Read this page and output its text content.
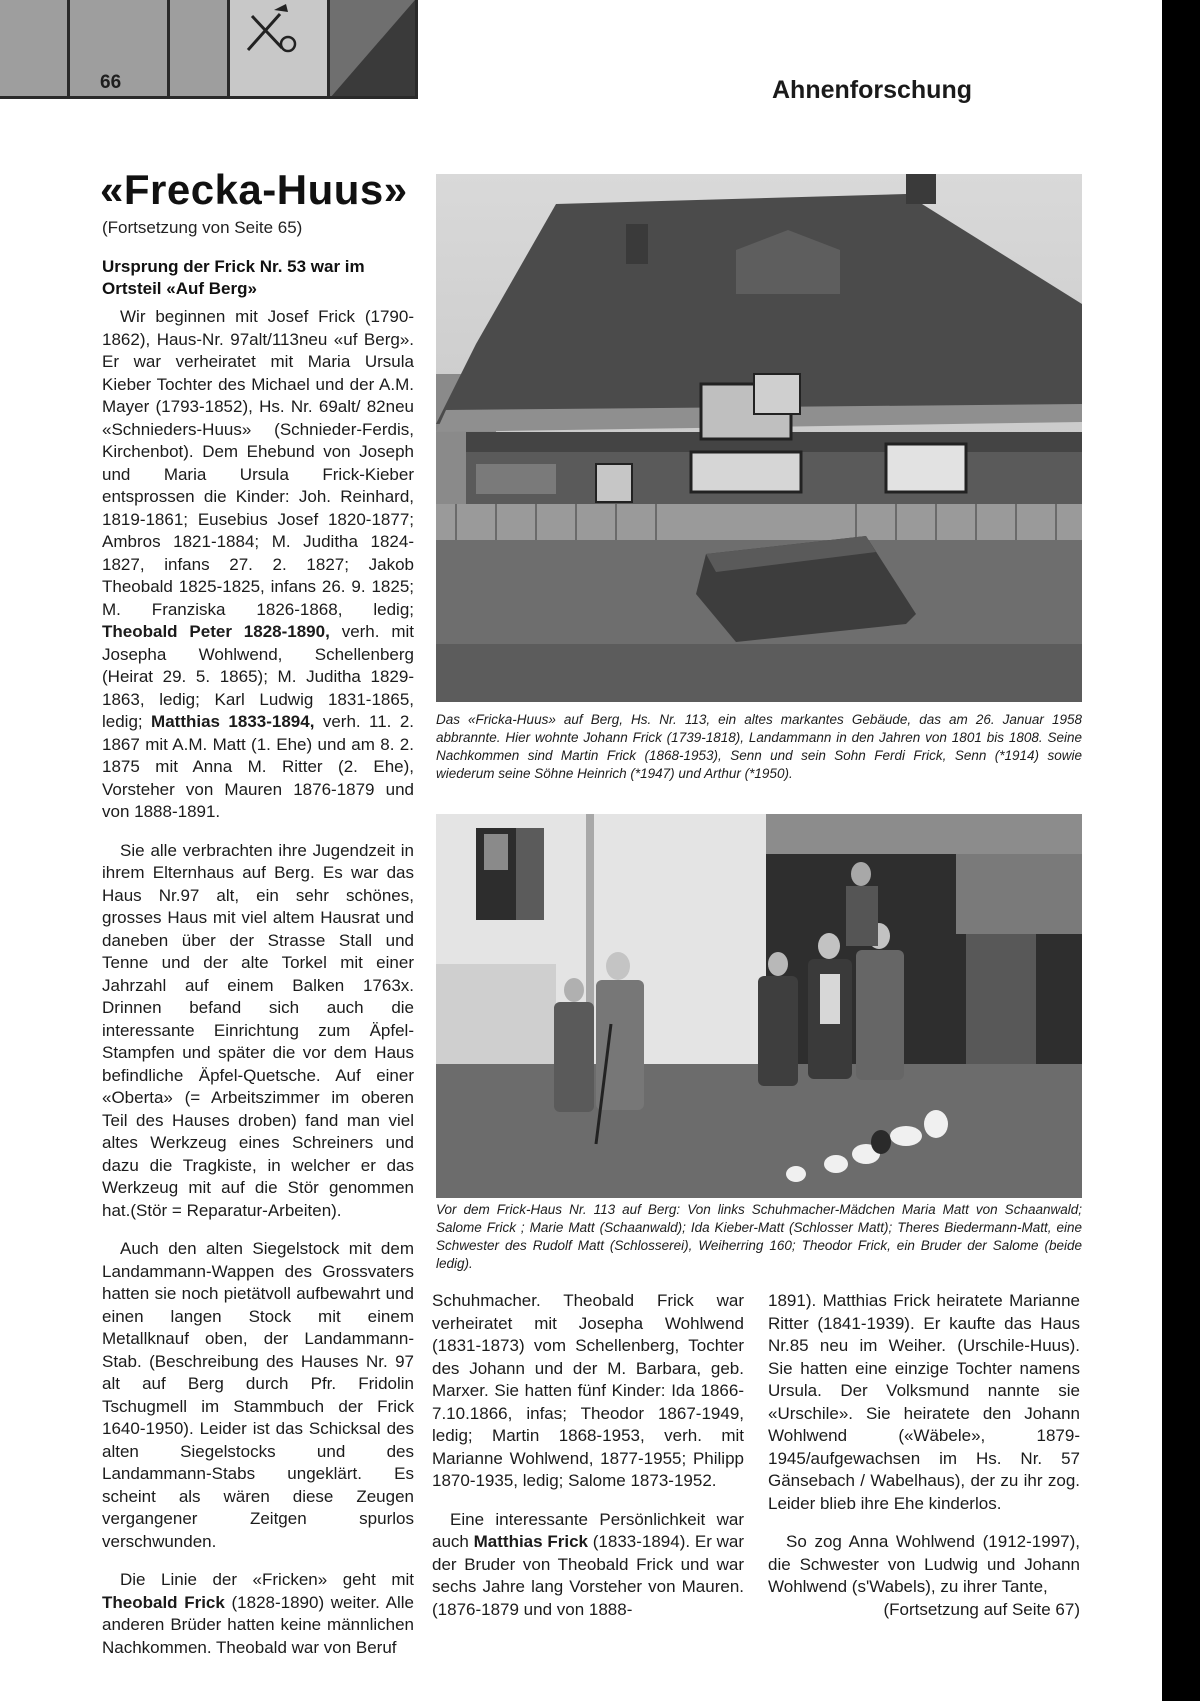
66	Ahnenforschung
«Frecka-Huus»
(Fortsetzung von Seite 65)
Ursprung der Frick Nr. 53 war im Ortsteil «Auf Berg»

Wir beginnen mit Josef Frick (1790-1862), Haus-Nr. 97alt/113neu «uf Berg». Er war verheiratet mit Maria Ursula Kieber Tochter des Michael und der A.M. Mayer (1793-1852), Hs. Nr. 69alt/ 82neu «Schnieders-Huus» (Schnieder-Ferdis, Kirchenbot). Dem Ehebund von Joseph und Maria Ursula Frick-Kieber entsprossen die Kinder: Joh. Reinhard, 1819-1861; Eusebius Josef 1820-1877; Ambros 1821-1884; M. Juditha 1824-1827, infans 27. 2. 1827; Jakob Theobald 1825-1825, infans 26. 9. 1825; M. Franziska 1826-1868, ledig; Theobald Peter 1828-1890, verh. mit Josepha Wohlwend, Schellenberg (Heirat 29. 5. 1865); M. Juditha 1829-1863, ledig; Karl Ludwig 1831-1865, ledig; Matthias 1833-1894, verh. 11. 2. 1867 mit A.M. Matt (1. Ehe) und am 8. 2. 1875 mit Anna M. Ritter (2. Ehe), Vorsteher von Mauren 1876-1879 und von 1888-1891.

Sie alle verbrachten ihre Jugendzeit in ihrem Elternhaus auf Berg. Es war das Haus Nr.97 alt, ein sehr schönes, grosses Haus mit viel altem Hausrat und daneben über der Strasse Stall und Tenne und der alte Torkel mit einer Jahrzahl auf einem Balken 1763x. Drinnen befand sich auch die interessante Einrichtung zum Äpfel-Stampfen und später die vor dem Haus befindliche Äpfel-Quetsche. Auf einer «Oberta» (= Arbeitszimmer im oberen Teil des Hauses droben) fand man viel altes Werkzeug eines Schreiners und dazu die Tragkiste, in welcher er das Werkzeug mit auf die Stör genommen hat.(Stör = Reparatur-Arbeiten).

Auch den alten Siegelstock mit dem Landammann-Wappen des Grossvaters hatten sie noch pietätvoll aufbewahrt und einen langen Stock mit einem Metallknauf oben, der Landammann-Stab. (Beschreibung des Hauses Nr. 97 alt auf Berg durch Pfr. Fridolin Tschugmell im Stammbuch der Frick 1640-1950). Leider ist das Schicksal des alten Siegelstocks und des Landammann-Stabs ungeklärt. Es scheint als wären diese Zeugen vergangener Zeitgen spurlos verschwunden.

Die Linie der «Fricken» geht mit Theobald Frick (1828-1890) weiter. Alle anderen Brüder hatten keine männlichen Nachkommen. Theobald war von Beruf

Das «Fricka-Huus» auf Berg, Hs. Nr. 113, ein altes markantes Gebäude, das am 26. Januar 1958 abbrannte. Hier wohnte Johann Frick (1739-1818), Landammann in den Jahren von 1801 bis 1808. Seine Nachkommen sind Martin Frick (1868-1953), Senn und sein Sohn Ferdi Frick, Senn (*1914) sowie wiederum seine Söhne Heinrich (*1947) und Arthur (*1950).
Vor dem Frick-Haus Nr. 113 auf Berg: Von links Schuhmacher-Mädchen Maria Matt von Schaanwald; Salome Frick ; Marie Matt (Schaanwald); Ida Kieber-Matt (Schlosser Matt); Theres Biedermann-Matt, eine Schwester des Rudolf Matt (Schlosserei), Weiherring 160; Theodor Frick, ein Bruder der Salome (beide ledig).

Schuhmacher. Theobald Frick war verheiratet mit Josepha Wohlwend (1831-1873) vom Schellenberg, Tochter des Johann und der M. Barbara, geb. Marxer. Sie hatten fünf Kinder: Ida 1866-7.10.1866, infas; Theodor 1867-1949, ledig; Martin 1868-1953, verh. mit Marianne Wohlwend, 1877-1955; Philipp 1870-1935, ledig; Salome 1873-1952.

Eine interessante Persönlichkeit war auch Matthias Frick (1833-1894). Er war der Bruder von Theobald Frick und war sechs Jahre lang Vorsteher von Mauren. (1876-1879 und von 1888-

1891). Matthias Frick heiratete Marianne Ritter (1841-1939). Er kaufte das Haus Nr.85 neu im Weiher. (Urschile-Huus). Sie hatten eine einzige Tochter namens Ursula. Der Volksmund nannte sie «Urschile». Sie heiratete den Johann Wohlwend («Wäbele», 1879-1945/aufgewachsen im Hs. Nr. 57 Gänsebach / Wabelhaus), der zu ihr zog. Leider blieb ihre Ehe kinderlos.

So zog Anna Wohlwend (1912-1997), die Schwester von Ludwig und Johann Wohlwend (s'Wabels), zu ihrer Tante,
(Fortsetzung auf Seite 67)
